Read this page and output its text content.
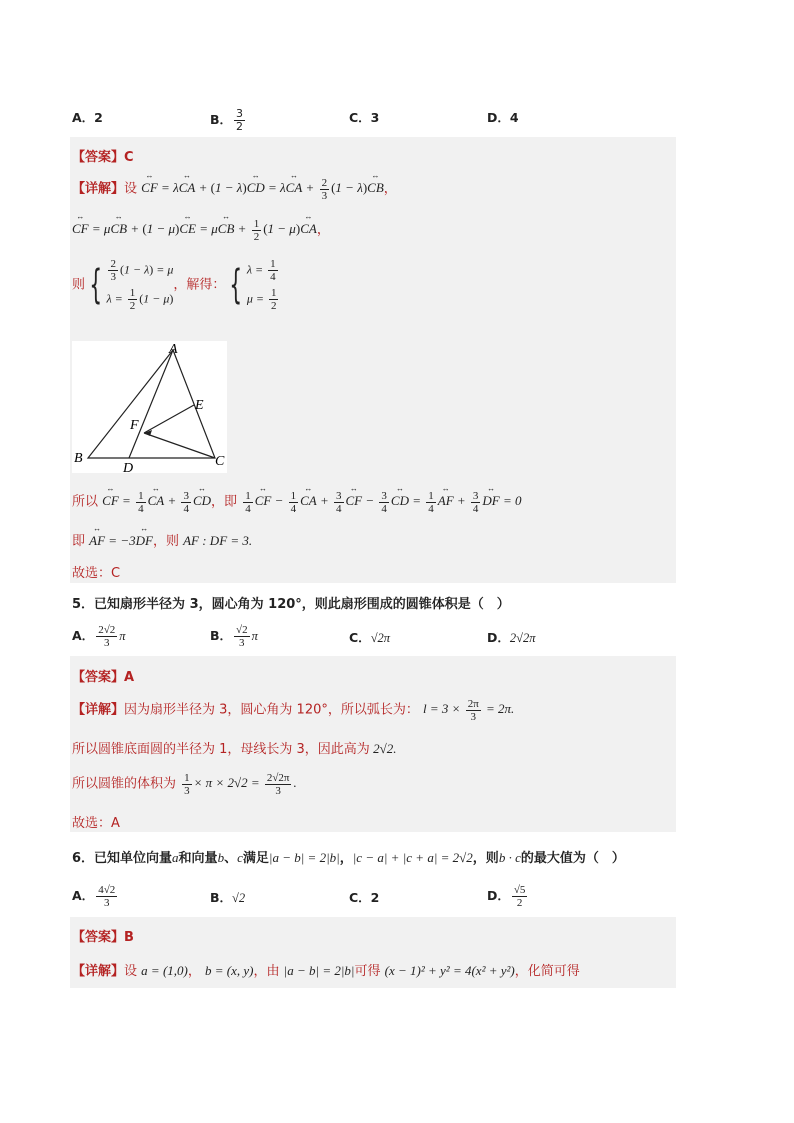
A．2	B． $\frac{3}{2}$	C．3	D．4
【答案】C
【详解】设 ↔ CF = λ↔ CA + (1 − λ)↔ CD = λ↔ CA + $\frac{2}{3} (1$ − λ)↔ CB，
↔ CF = μ↔ CB + (1 − μ)↔ CE = μ↔ CB + $\frac{1}{2} (1$ − μ)↔ CA，
则 { $\frac{2}{3} (1 - \lambda) = \mu$
$\lambda = \frac{1}{2} (1 - \mu)$
，解得： { $\lambda = \frac{1}{4}$
$\mu = \frac{1}{2}$
A
B	C
D
E
F
所以 ↔ CF = $\frac{1}{4}$ ↔ CA + $\frac{3}{4}$ ↔ CD，即 $\frac{1}{4}$ ↔ CF − $\frac{1}{4}$ ↔ CA + $\frac{3}{4}$ ↔ CF − $\frac{3}{4}$ ↔ CD = $\frac{1}{4}$ ↔ AF + $\frac{3}{4}$ ↔ DF = 0
即 ↔ AF = −3↔ DF，则 AF : DF = 3.
故选：C
5．已知扇形半径为 3，圆心角为 120°，则此扇形围成的圆锥体积是（　）
A． $\frac{2√2}{3}$ π	B． $\frac{√2}{3}$ π	C．√2π	D．2√2π
【答案】A
【详解】因为扇形半径为 3，圆心角为 120°，所以弧长为： $l = 3 \times \frac{2\pi}{3} = 2\pi$.
所以圆锥底面圆的半径为 1，母线长为 3，因此高为 2√2.
所以圆锥的体积为 $\frac{1}{3} \times \pi \times 2√2 = \frac{2√2\pi}{3}$ .
故选：A
6．已知单位向量a和向量b、c满足|a − b| = 2|b|，|c − a| + |c + a| = 2√2，则b · c的最大值为（　）
A． $\frac{4√2}{3}$	B．√2	C．2	D． $\frac{√5}{2}$
【答案】B
【详解】设 a = (1,0)， b = (x, y)，由 |a − b| = 2|b|可得 (x − 1)² + y² = 4(x² + y²)，化简可得
